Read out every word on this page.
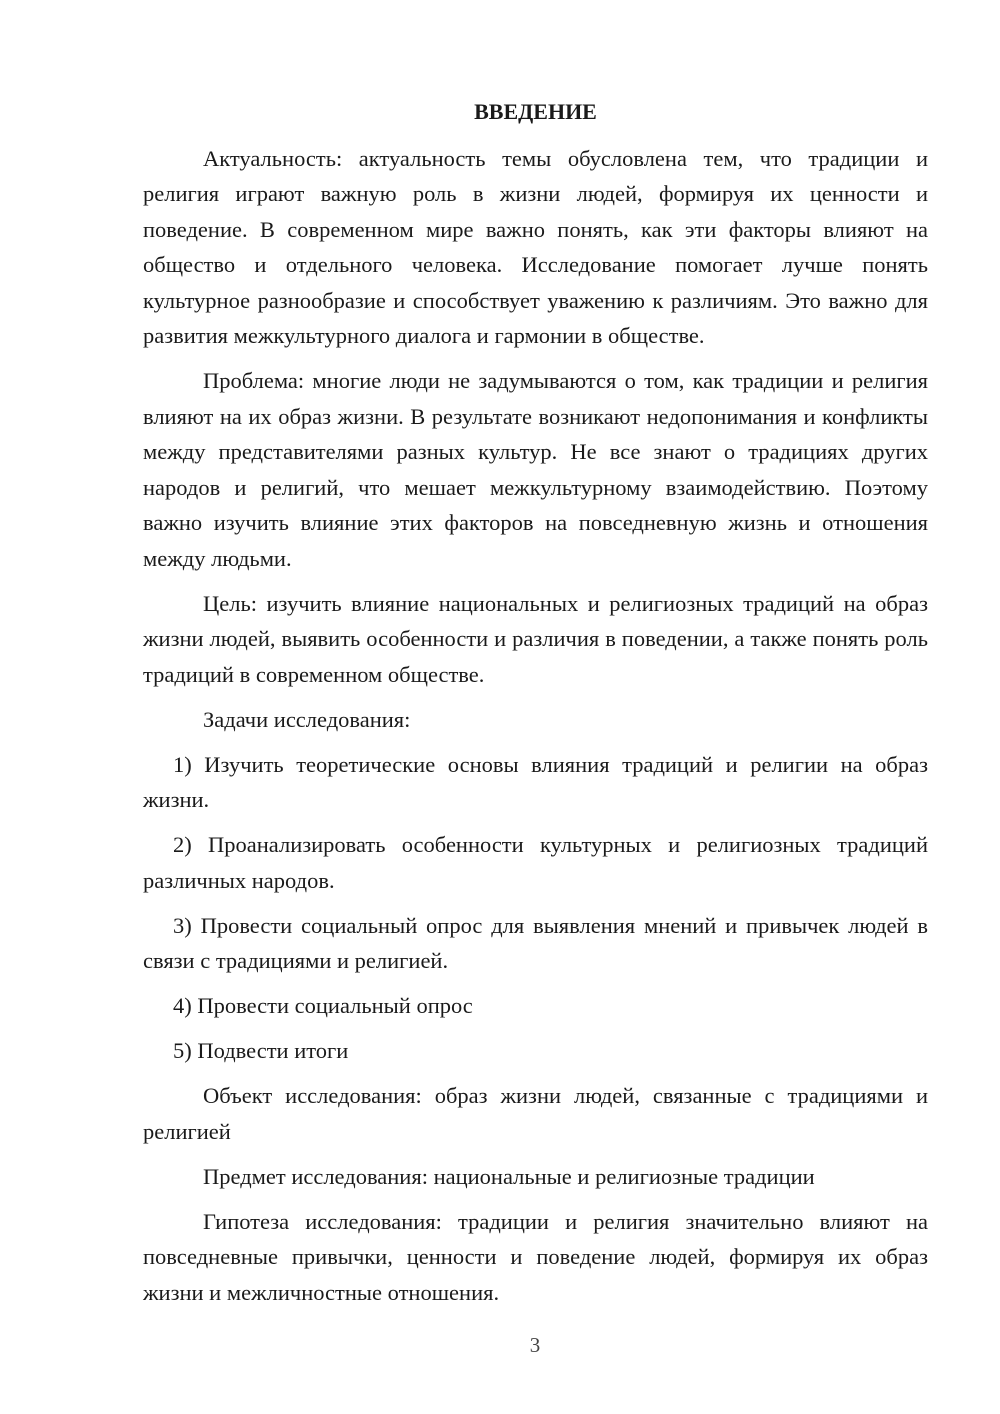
ВВЕДЕНИЕ

Актуальность: актуальность темы обусловлена тем, что традиции и религия играют важную роль в жизни людей, формируя их ценности и поведение. В современном мире важно понять, как эти факторы влияют на общество и отдельного человека. Исследование помогает лучше понять культурное разнообразие и способствует уважению к различиям. Это важно для развития межкультурного диалога и гармонии в обществе.

Проблема: многие люди не задумываются о том, как традиции и религия влияют на их образ жизни. В результате возникают недопонимания и конфликты между представителями разных культур. Не все знают о традициях других народов и религий, что мешает межкультурному взаимодействию. Поэтому важно изучить влияние этих факторов на повседневную жизнь и отношения между людьми.

Цель: изучить влияние национальных и религиозных традиций на образ жизни людей, выявить особенности и различия в поведении, а также понять роль традиций в современном обществе.

Задачи исследования:

1) Изучить теоретические основы влияния традиций и религии на образ жизни.

2) Проанализировать особенности культурных и религиозных традиций различных народов.

3) Провести социальный опрос для выявления мнений и привычек людей в связи с традициями и религией.

4) Провести социальный опрос

5) Подвести итоги

Объект исследования: образ жизни людей, связанные с традициями и религией

Предмет исследования: национальные и религиозные традиции

Гипотеза исследования: традиции и религия значительно влияют на повседневные привычки, ценности и поведение людей, формируя их образ жизни и межличностные отношения.

3
